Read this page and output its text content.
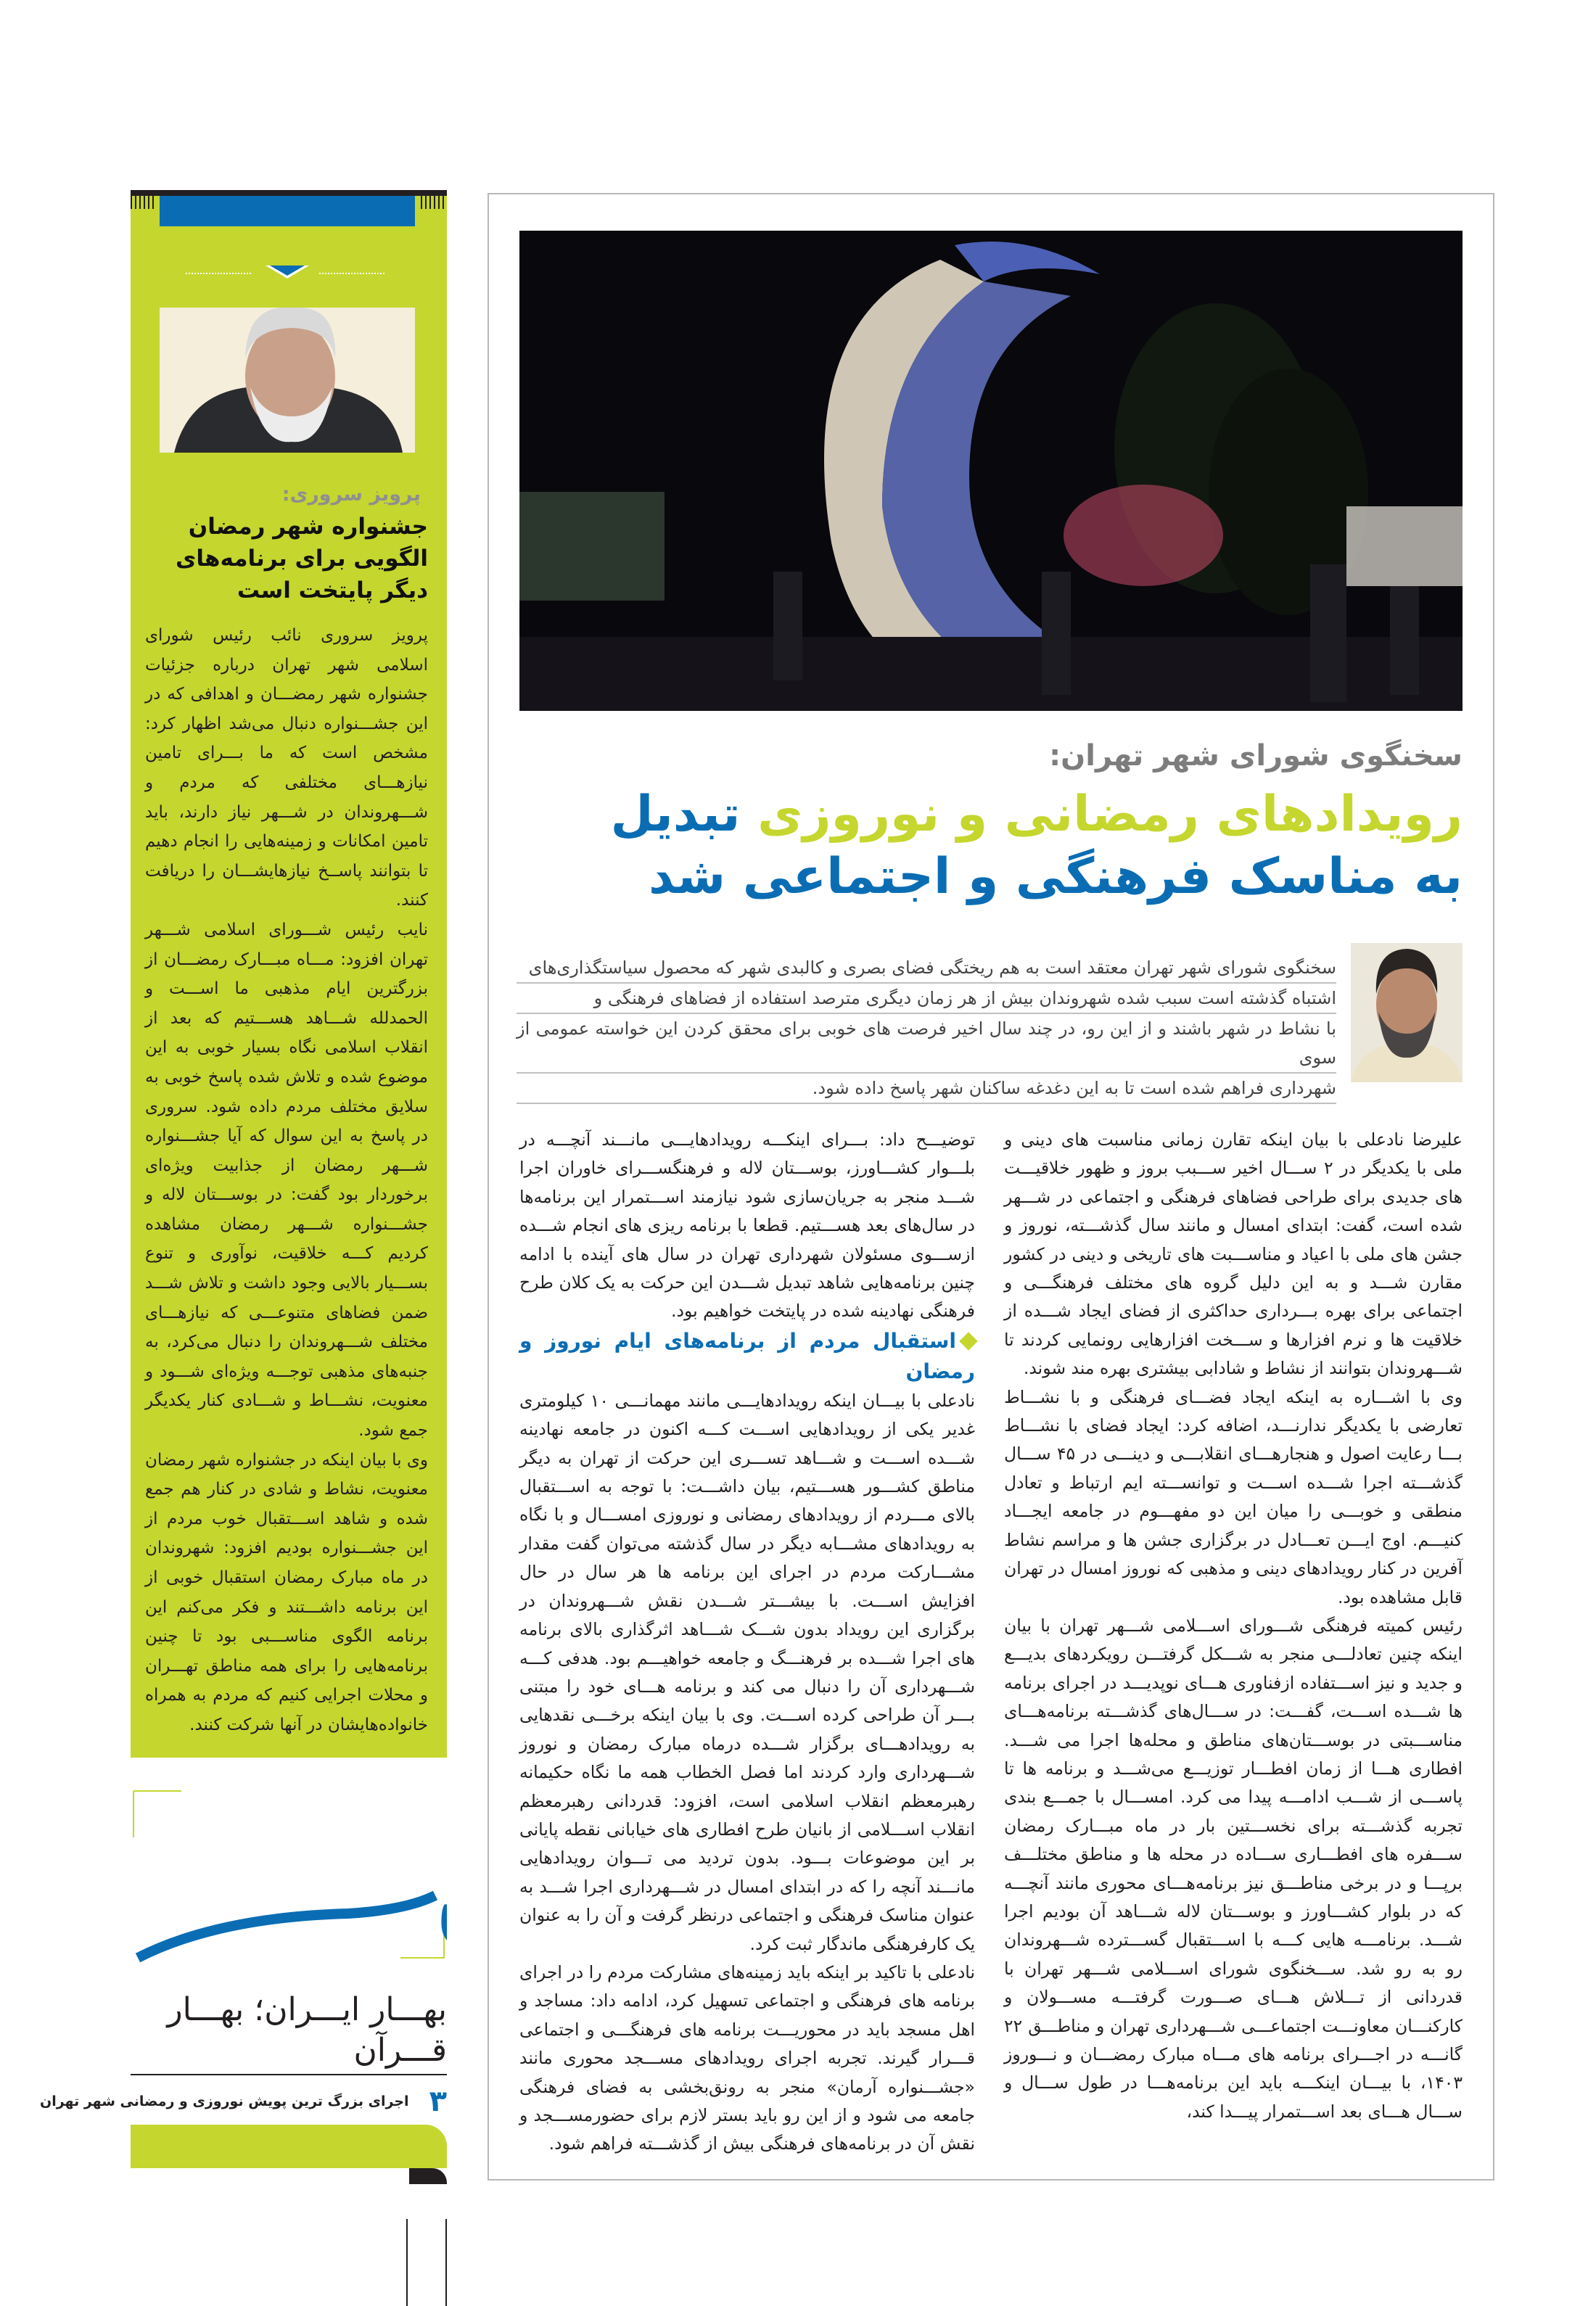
پرویز سروری:
جشنواره شهر رمضان الگویی برای برنامه‌های دیگر پایتخت است

پرویز سروری نائب رئیس شورای اسلامی شهر تهران درباره جزئیات جشنواره شهر رمضـــان و اهدافی که در این جشـــنواره دنبال می‌شد اظهار کرد: مشخص است که ما بـــرای تامین نیازهـــای مختلفی که مردم و شـــهروندان در شـــهر نیاز دارند، باید تامین امکانات و زمینه‌هایی را انجام دهیم تا بتوانند پاســخ نیازهایشـــان را دریافت کنند.

نایب رئیس شـــورای اسلامی شـــهر تهران افزود: مـــاه مبـــارک رمضـــان از بزرگترین ایام مذهبی ما اســـت و الحمدلله شـــاهد هســـتیم که بعد از انقلاب اسلامی نگاه بسیار خوبی به این موضوع شده و تلاش شده پاسخ خوبی به سلایق مختلف مردم داده شود. سروری در پاسخ به این سوال که آیا جشـــنواره شـــهر رمضان از جذابیت ویژه‌ای برخوردار بود گفت: در بوســـتان لاله و جشـــنواره شـــهر رمضان مشاهده کردیم کـــه خلاقیت، نوآوری و تنوع بســـیار بالایی وجود داشت و تلاش شـــد ضمن فضاهای متنوعـــی که نیازهـــای مختلف شـــهروندان را دنبال می‌کرد، به جنبه‌های مذهبی توجـــه ویژه‌ای شـــود و معنویت، نشـــاط و شـــادی کنار یکدیگر جمع شود.

وی با بیان اینکه در جشنواره شهر رمضان معنویت، نشاط و شادی در کنار هم جمع شده و شاهد اســـتقبال خوب مردم از این جشـــنواره بودیم افزود: شهروندان در ماه مبارک رمضان استقبال خوبی از این برنامه داشـــتند و فکر می‌کنم این برنامه الگوی مناســـبی بود تا چنین برنامه‌هایی را برای همه مناطق تهـــران و محلات اجرایی کنیم که مردم به همراه خانواده‌هایشان در آنها شرکت کنند.

بهـــار ایـــران؛ بهـــار قـــرآن
۳
اجرای بزرگ ترین پویش نوروزی و رمضانی شهر تهران
سخنگوی شورای شهر تهران:
رویدادهای رمضانی و نوروزی تبدیل
به مناسک فرهنگی و اجتماعی شد
سخنگوی شورای شهر تهران معتقد است به هم ریختگی فضای بصری و کالبدی شهر که محصول سیاستگذاری‌های
اشتباه گذشته است سبب شده شهروندان بیش از هر زمان دیگری مترصد استفاده از فضاهای فرهنگی و
با نشاط در شهر باشند و از این رو، در چند سال اخیر فرصت های خوبی برای محقق کردن این خواسته عمومی از سوی
شهرداری فراهم شده است تا به این دغدغه ساکنان شهر پاسخ داده شود.

علیرضا نادعلی با بیان اینکه تقارن زمانی مناسبت های دینی و ملی با یکدیگر در ۲ ســـال اخیر ســـبب بروز و ظهور خلاقیـــت های جدیدی برای طراحی فضاهای فرهنگی و اجتماعی در شـــهر شده است، گفت: ابتدای امسال و مانند سال گذشـــته، نوروز و جشن های ملی با اعیاد و مناســـبت های تاریخی و دینی در کشور مقارن شـــد و به این دلیل گروه های مختلف فرهنگـــی و اجتماعی برای بهره بـــرداری حداکثری از فضای ایجاد شـــده از خلاقیت ها و نرم افزارها و ســـخت افزارهایی رونمایی کردند تا شـــهروندان بتوانند از نشاط و شادابی بیشتری بهره مند شوند.

وی با اشـــاره به اینکه ایجاد فضـــای فرهنگی و با نشـــاط تعارضی با یکدیگر ندارنـــد، اضافه کرد: ایجاد فضای با نشـــاط بـــا رعایت اصول و هنجارهـــای انقلابـــی و دینـــی در ۴۵ ســـال گذشـــته اجرا شـــده اســـت و توانســـته ایم ارتباط و تعادل منطقی و خوبـــی را میان این دو مفهـــوم در جامعه ایجـــاد کنیـــم. اوج ایـــن تعـــادل در برگزاری جشن ها و مراسم نشاط آفرین در کنار رویدادهای دینی و مذهبی که نوروز امسال در تهران قابل مشاهده بود.

رئیس کمیته فرهنگی شـــورای اســـلامی شـــهر تهران با بیان اینکه چنین تعادلـــی منجر به شـــکل گرفتـــن رویکردهای بدیـــع و جدید و نیز اســـتفاده ازفناوری هـــای نوپدیـــد در اجرای برنامه ها شـــده اســـت، گفـــت: در ســـال‌های گذشـــته برنامه‌هـــای مناســـبتی در بوســـتان‌های مناطق و محله‌ها اجرا می شـــد. افطاری هـــا از زمان افطـــار توزیـــع می‌شـــد و برنامه ها تا پاســـی از شـــب ادامـــه پیدا می کرد. امســـال با جمـــع بندی تجربه گذشـــته برای نخســـتین بار در ماه مبـــارک رمضان ســـفره های افطـــاری ســـاده در محله ها و مناطق مختلـــف برپـــا و در برخی مناطـــق نیز برنامه‌هـــای محوری مانند آنچـــه که در بلوار کشـــاورز و بوســـتان لاله شـــاهد آن بودیم اجرا شـــد. برنامـــه هایی کـــه با اســـتقبال گســـترده شـــهروندان رو به رو شد. ســـخنگوی شورای اســـلامی شـــهر تهران با قدردانی از تـــلاش هـــای صـــورت گرفتـــه مســـولان و کارکنـــان معاونـــت اجتماعـــی شـــهرداری تهران و مناطـــق ۲۲ گانـــه در اجـــرای برنامه های مـــاه مبارک رمضـــان و نـــوروز ۱۴۰۳، با بیـــان اینکـــه باید این برنامه‌هـــا در طول ســـال و ســـال هـــای بعد اســـتمرار پیـــدا کند،

توضیـــح داد: بـــرای اینکـــه رویدادهایـــی مانـــند آنچـــه در بلـــوار کشـــاورز، بوســـتان لاله و فرهنگســـرای خاوران اجرا شـــد منجر به جریان‌سازی شود نیازمند اســـتمرار این برنامه‌ها در سال‌های بعد هســـتیم. قطعا با برنامه ریزی های انجام شـــده ازســـوی مسئولان شهرداری تهران در سال های آینده با ادامه چنین برنامه‌هایی شاهد تبدیل شـــدن این حرکت به یک کلان طرح فرهنگی نهادینه شده در پایتخت خواهیم بود.

استقبال مردم از برنامه‌های ایام نوروز و رمضان

نادعلی با بیـــان اینکه رویدادهایـــی مانند مهمانـــی ۱۰ کیلومتری غدیر یکی از رویدادهایی اســـت کـــه اکنون در جامعه نهادینه شـــده اســـت و شـــاهد تســـری این حرکت از تهران به دیگر مناطق کشـــور هســـتیم، بیان داشـــت: با توجه به اســـتقبال بالای مـــردم از رویدادهای رمضانی و نوروزی امســـال و با نگاه به رویدادهای مشـــابه دیگر در سال گذشته می‌توان گفت مقدار مشـــارکت مردم در اجرای این برنامه ها هر سال در حال افزایش اســـت. با بیشـــتر شـــدن نقش شـــهروندان در برگزاری این رویداد بدون شـــک شـــاهد اثرگذاری بالای برنامه های اجرا شـــده بر فرهنـــگ و جامعه خواهیـــم بود. هدفی کـــه شـــهرداری آن را دنبال می کند و برنامه هـــای خود را مبتنی بـــر آن طراحی کرده اســـت. وی با بیان اینکه برخـــی نقدهایی به رویدادهـــای برگزار شـــده درماه مبارک رمضان و نوروز شـــهرداری وارد کردند اما فصل الخطاب همه ما نگاه حکیمانه رهبرمعظم انقلاب اسلامی است، افزود: قدردانی رهبرمعظم انقلاب اســـلامی از بانیان طرح افطاری های خیابانی نقطه پایانی بر این موضوعات بـــود. بدون تردید می تـــوان رویدادهایی مانـــند آنچه را که در ابتدای امسال در شـــهرداری اجرا شـــد به عنوان مناسک فرهنگی و اجتماعی درنظر گرفت و آن را به عنوان یک کارفرهنگی ماندگار ثبت کرد.

نادعلی با تاکید بر اینکه باید زمینه‌های مشارکت مردم را در اجرای برنامه های فرهنگی و اجتماعی تسهیل کرد، ادامه داد: مساجد و اهل مسجد باید در محوریـــت برنامه های فرهنگـــی و اجتماعی قـــرار گیرند. تجربه اجرای رویدادهای مســـجد محوری مانند «جشـــنواره آرمان» منجر به رونق‌بخشی به فضای فرهنگی جامعه می شود و از این رو باید بستر لازم برای حضورمســـجد و نقش آن در برنامه‌های فرهنگی بیش از گذشـــته فراهم شود.
